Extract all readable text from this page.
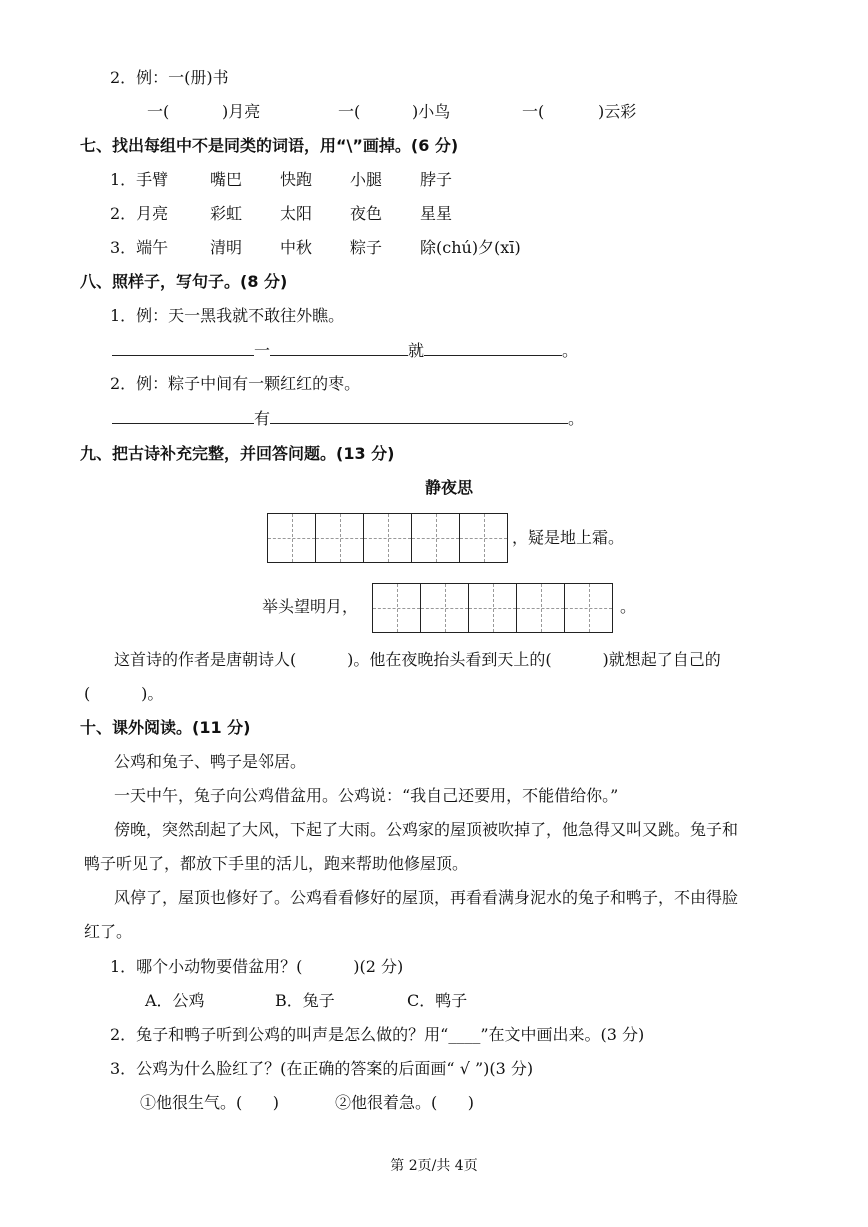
2．例：一(册)书
一(	)月亮	一(	)小鸟	一(	)云彩
七、找出每组中不是同类的词语，用“\”画掉。(6 分)
1．手臂	嘴巴 快跑 小腿 脖子
2．月亮	彩虹 太阳 夜色 星星
3．端午	清明 中秋 粽子 除(chú)夕(xī)
八、照样子，写句子。(8 分)
1．例：天一黑我就不敢往外瞧。
一	就	。
2．例：粽子中间有一颗红红的枣。
有	。
九、把古诗补充完整，并回答问题。(13 分)
静夜思
，疑是地上霜。
举头望明月，	。
这首诗的作者是唐朝诗人(          )。他在夜晚抬头看到天上的(          )就想起了自己的
(          )。
十、课外阅读。(11 分)
公鸡和兔子、鸭子是邻居。
一天中午，兔子向公鸡借盆用。公鸡说：“我自己还要用，不能借给你。”
傍晚，突然刮起了大风，下起了大雨。公鸡家的屋顶被吹掉了，他急得又叫又跳。兔子和
鸭子听见了，都放下手里的活儿，跑来帮助他修屋顶。
风停了，屋顶也修好了。公鸡看看修好的屋顶，再看看满身泥水的兔子和鸭子，不由得脸
红了。
1．哪个小动物要借盆用？(          )(2 分)
A．公鸡	B．兔子	C．鸭子
2．兔子和鸭子听到公鸡的叫声是怎么做的？用“____”在文中画出来。(3 分)
3．公鸡为什么脸红了？(在正确的答案的后面画“ √ ”)(3 分)
①他很生气。(      )	②他很着急。(      )
第 2页/共 4页
